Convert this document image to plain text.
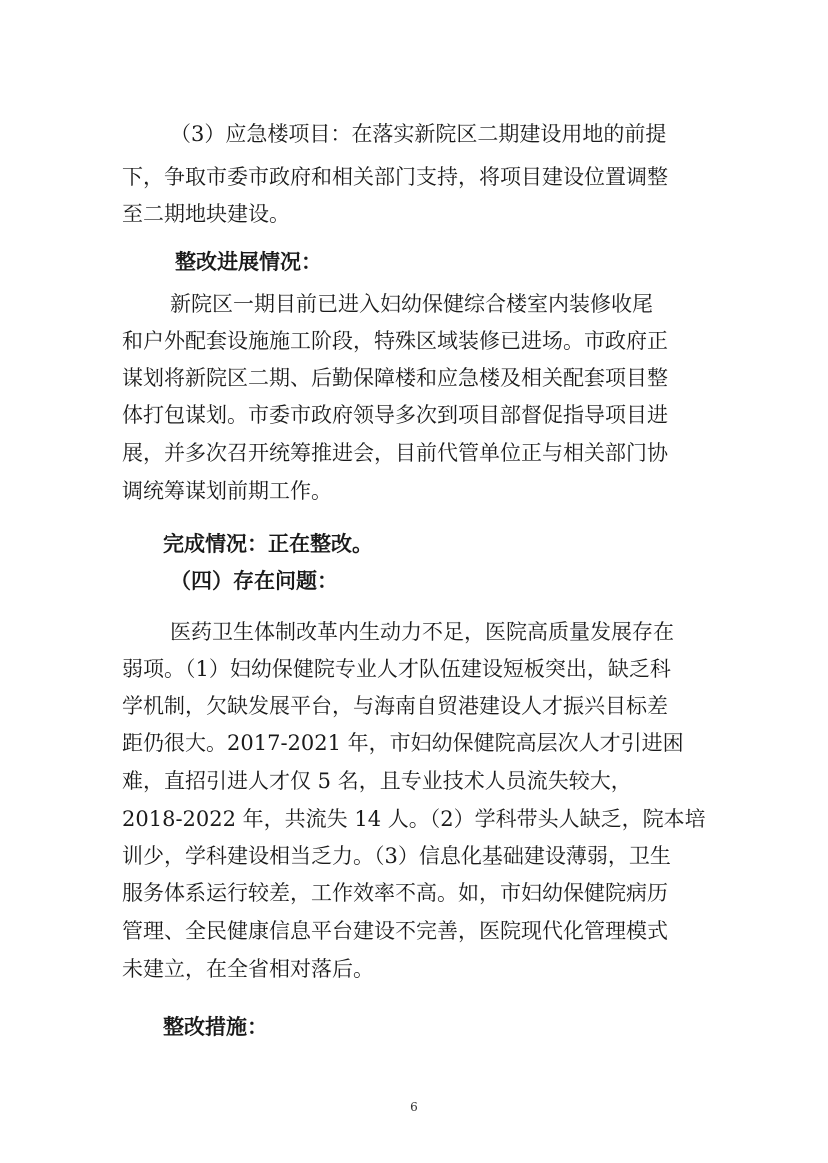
（3）应急楼项目：在落实新院区二期建设用地的前提

下，争取市委市政府和相关部门支持，将项目建设位置调整

至二期地块建设。

整改进展情况：

新院区一期目前已进入妇幼保健综合楼室内装修收尾

和户外配套设施施工阶段，特殊区域装修已进场。市政府正

谋划将新院区二期、后勤保障楼和应急楼及相关配套项目整

体打包谋划。市委市政府领导多次到项目部督促指导项目进

展，并多次召开统筹推进会，目前代管单位正与相关部门协

调统筹谋划前期工作。

完成情况：正在整改。

（四）存在问题：

医药卫生体制改革内生动力不足，医院高质量发展存在

弱项。（1）妇幼保健院专业人才队伍建设短板突出，缺乏科

学机制，欠缺发展平台，与海南自贸港建设人才振兴目标差

距仍很大。2017-2021 年，市妇幼保健院高层次人才引进困

难，直招引进人才仅 5 名，且专业技术人员流失较大，

2018-2022 年，共流失 14 人。（2）学科带头人缺乏，院本培

训少，学科建设相当乏力。（3）信息化基础建设薄弱，卫生

服务体系运行较差，工作效率不高。如，市妇幼保健院病历

管理、全民健康信息平台建设不完善，医院现代化管理模式

未建立，在全省相对落后。

整改措施：

6
